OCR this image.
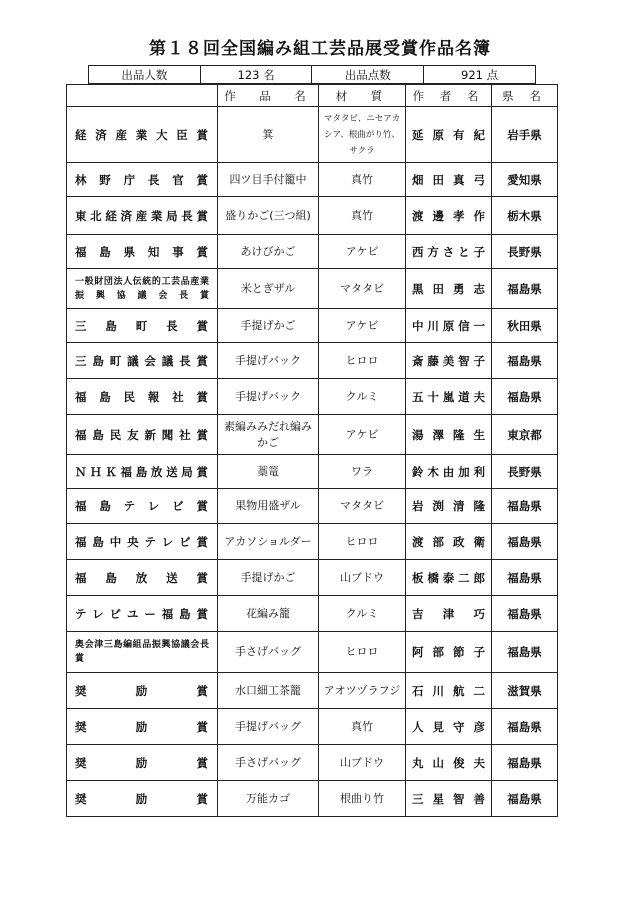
第１８回全国編み組工芸品展受賞作品名簿
出品人数	123 名	出品点数	921 点
	作　品　名	材　質	作 者 名	県 名
経済産業大臣賞	箕	マタタビ、ニセアカシア、根曲がり竹、サクラ	延原有紀	岩手県
林野庁長官賞	四ツ目手付籠中	真竹	畑田真弓	愛知県
東北経済産業局長賞	盛りかご(三つ組)	真竹	渡邊孝作	栃木県
福島県知事賞	あけびかご	アケビ	西方さと子	長野県
一般財団法人伝統的工芸品産業振興協議会長賞	米とぎザル	マタタビ	黒田勇志	福島県
三島町長賞	手提げかご	アケビ	中川原信一	秋田県
三島町議会議長賞	手提げバック	ヒロロ	斎藤美智子	福島県
福島民報社賞	手提げバック	クルミ	五十嵐道夫	福島県
福島民友新聞社賞	素編みみだれ編みかご	アケビ	湯澤隆生	東京都
ＮＨＫ福島放送局賞	藁篭	ワラ	鈴木由加利	長野県
福島テレビ賞	果物用盛ザル	マタタビ	岩渕清隆	福島県
福島中央テレビ賞	アカソショルダー	ヒロロ	渡部政衛	福島県
福島放送賞	手提げかご	山ブドウ	板橋泰二郎	福島県
テレビユー福島賞	花編み籠	クルミ	吉津巧	福島県
奥会津三島編組品振興協議会長賞	手さげバッグ	ヒロロ	阿部節子	福島県
奨励賞	水口細工茶籠	アオツヅラフジ	石川航二	滋賀県
奨励賞	手提げバッグ	真竹	人見守彦	福島県
奨励賞	手さげバッグ	山ブドウ	丸山俊夫	福島県
奨励賞	万能カゴ	根曲り竹	三星智善	福島県
